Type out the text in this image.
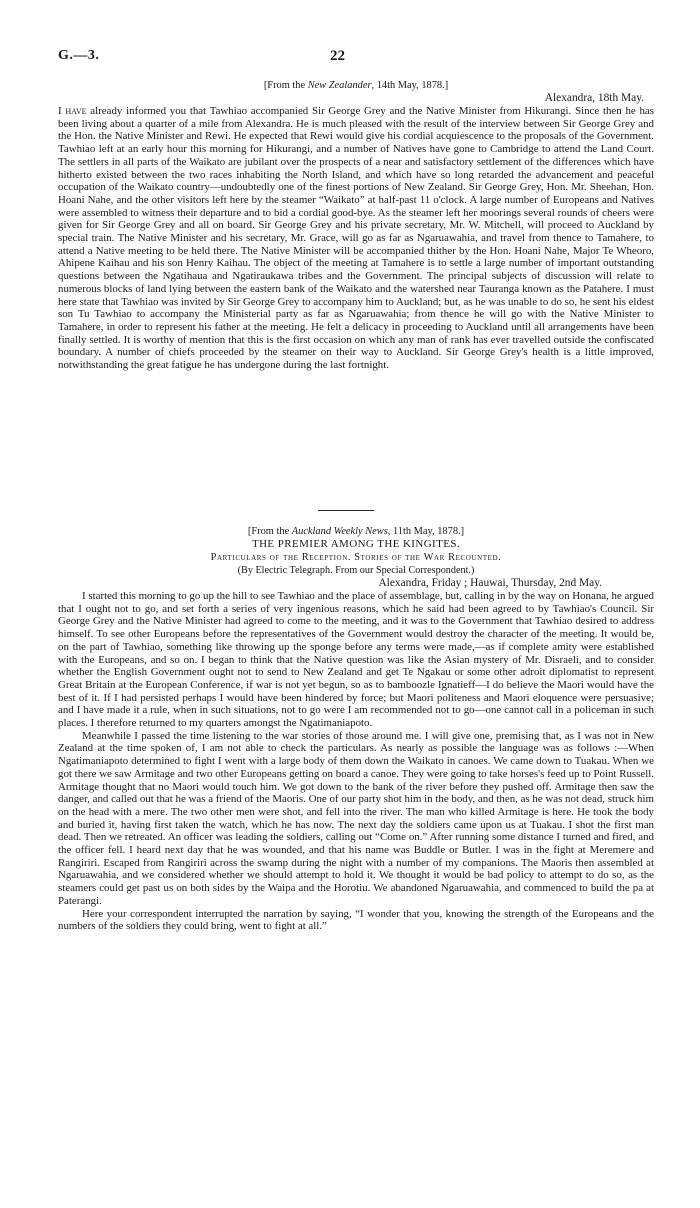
G.—3.	22

[From the New Zealander, 14th May, 1878.]

Alexandra, 18th May.

I have already informed you that Tawhiao accompanied Sir George Grey and the Native Minister from Hikurangi. Since then he has been living about a quarter of a mile from Alexandra. He is much pleased with the result of the interview between Sir George Grey and the Hon. the Native Minister and Rewi. He expected that Rewi would give his cordial acquiescence to the proposals of the Government. Tawhiao left at an early hour this morning for Hikurangi, and a number of Natives have gone to Cambridge to attend the Land Court. The settlers in all parts of the Waikato are jubilant over the prospects of a near and satisfactory settlement of the differences which have hitherto existed between the two races inhabiting the North Island, and which have so long retarded the advancement and peaceful occupation of the Waikato country—undoubtedly one of the finest portions of New Zealand. Sir George Grey, Hon. Mr. Sheehan, Hon. Hoani Nahe, and the other visitors left here by the steamer “Waikato” at half-past 11 o'clock. A large number of Europeans and Natives were assembled to witness their departure and to bid a cordial good-bye. As the steamer left her moorings several rounds of cheers were given for Sir George Grey and all on board. Sir George Grey and his private secretary, Mr. W. Mitchell, will proceed to Auckland by special train. The Native Minister and his secretary, Mr. Grace, will go as far as Ngaruawahia, and travel from thence to Tamahere, to attend a Native meeting to be held there. The Native Minister will be accompanied thither by the Hon. Hoani Nahe, Major Te Wheoro, Ahipene Kaihau and his son Henry Kaihau. The object of the meeting at Tamahere is to settle a large number of important outstanding questions between the Ngatihaua and Ngatiraukawa tribes and the Government. The principal subjects of discussion will relate to numerous blocks of land lying between the eastern bank of the Waikato and the watershed near Tauranga known as the Patahere. I must here state that Tawhiao was invited by Sir George Grey to accompany him to Auckland; but, as he was unable to do so, he sent his eldest son Tu Tawhiao to accompany the Ministerial party as far as Ngaruawahia; from thence he will go with the Native Minister to Tamahere, in order to represent his father at the meeting. He felt a delicacy in proceeding to Auckland until all arrangements have been finally settled. It is worthy of mention that this is the first occasion on which any man of rank has ever travelled outside the confiscated boundary. A number of chiefs proceeded by the steamer on their way to Auckland. Sir George Grey's health is a little improved, notwithstanding the great fatigue he has undergone during the last fortnight.

[From the Auckland Weekly News, 11th May, 1878.]

THE PREMIER AMONG THE KINGITES.

Particulars of the Reception. Stories of the War Recounted.

(By Electric Telegraph. From our Special Correspondent.)

Alexandra, Friday ; Hauwai, Thursday, 2nd May.

I started this morning to go up the hill to see Tawhiao and the place of assemblage, but, calling in by the way on Honana, he argued that I ought not to go, and set forth a series of very ingenious reasons, which he said had been agreed to by Tawhiao's Council. Sir George Grey and the Native Minister had agreed to come to the meeting, and it was to the Government that Tawhiao desired to address himself. To see other Europeans before the representatives of the Government would destroy the character of the meeting. It would be, on the part of Tawhiao, something like throwing up the sponge before any terms were made,—as if complete amity were established with the Europeans, and so on. I began to think that the Native question was like the Asian mystery of Mr. Disraeli, and to consider whether the English Government ought not to send to New Zealand and get Te Ngakau or some other adroit diplomatist to represent Great Britain at the European Conference, if war is not yet begun, so as to bamboozle Ignatieff—I do believe the Maori would have the best of it. If I had persisted perhaps I would have been hindered by force; but Maori politeness and Maori eloquence were persuasive; and I have made it a rule, when in such situations, not to go were I am recommended not to go—one cannot call in a policeman in such places. I therefore returned to my quarters amongst the Ngatimaniapoto.

Meanwhile I passed the time listening to the war stories of those around me. I will give one, premising that, as I was not in New Zealand at the time spoken of, I am not able to check the particulars. As nearly as possible the language was as follows :—When Ngatimaniapoto determined to fight I went with a large body of them down the Waikato in canoes. We came down to Tuakau. When we got there we saw Armitage and two other Europeans getting on board a canoe. They were going to take horses's feed up to Point Russell. Armitage thought that no Maori would touch him. We got down to the bank of the river before they pushed off. Armitage then saw the danger, and called out that he was a friend of the Maoris. One of our party shot him in the body, and then, as he was not dead, struck him on the head with a mere. The two other men were shot, and fell into the river. The man who killed Armitage is here. He took the body and buried it, having first taken the watch, which he has now. The next day the soldiers came upon us at Tuakau. I shot the first man dead. Then we retreated. An officer was leading the soldiers, calling out “Come on.” After running some distance I turned and fired, and the officer fell. I heard next day that he was wounded, and that his name was Buddle or Butler. I was in the fight at Meremere and Rangiriri. Escaped from Rangiriri across the swamp during the night with a number of my companions. The Maoris then assembled at Ngaruawahia, and we considered whether we should attempt to hold it. We thought it would be bad policy to attempt to do so, as the steamers could get past us on both sides by the Waipa and the Horotiu. We abandoned Ngaruawahia, and commenced to build the pa at Paterangi.

Here your correspondent interrupted the narration by saying, “I wonder that you, knowing the strength of the Europeans and the numbers of the soldiers they could bring, went to fight at all.”
